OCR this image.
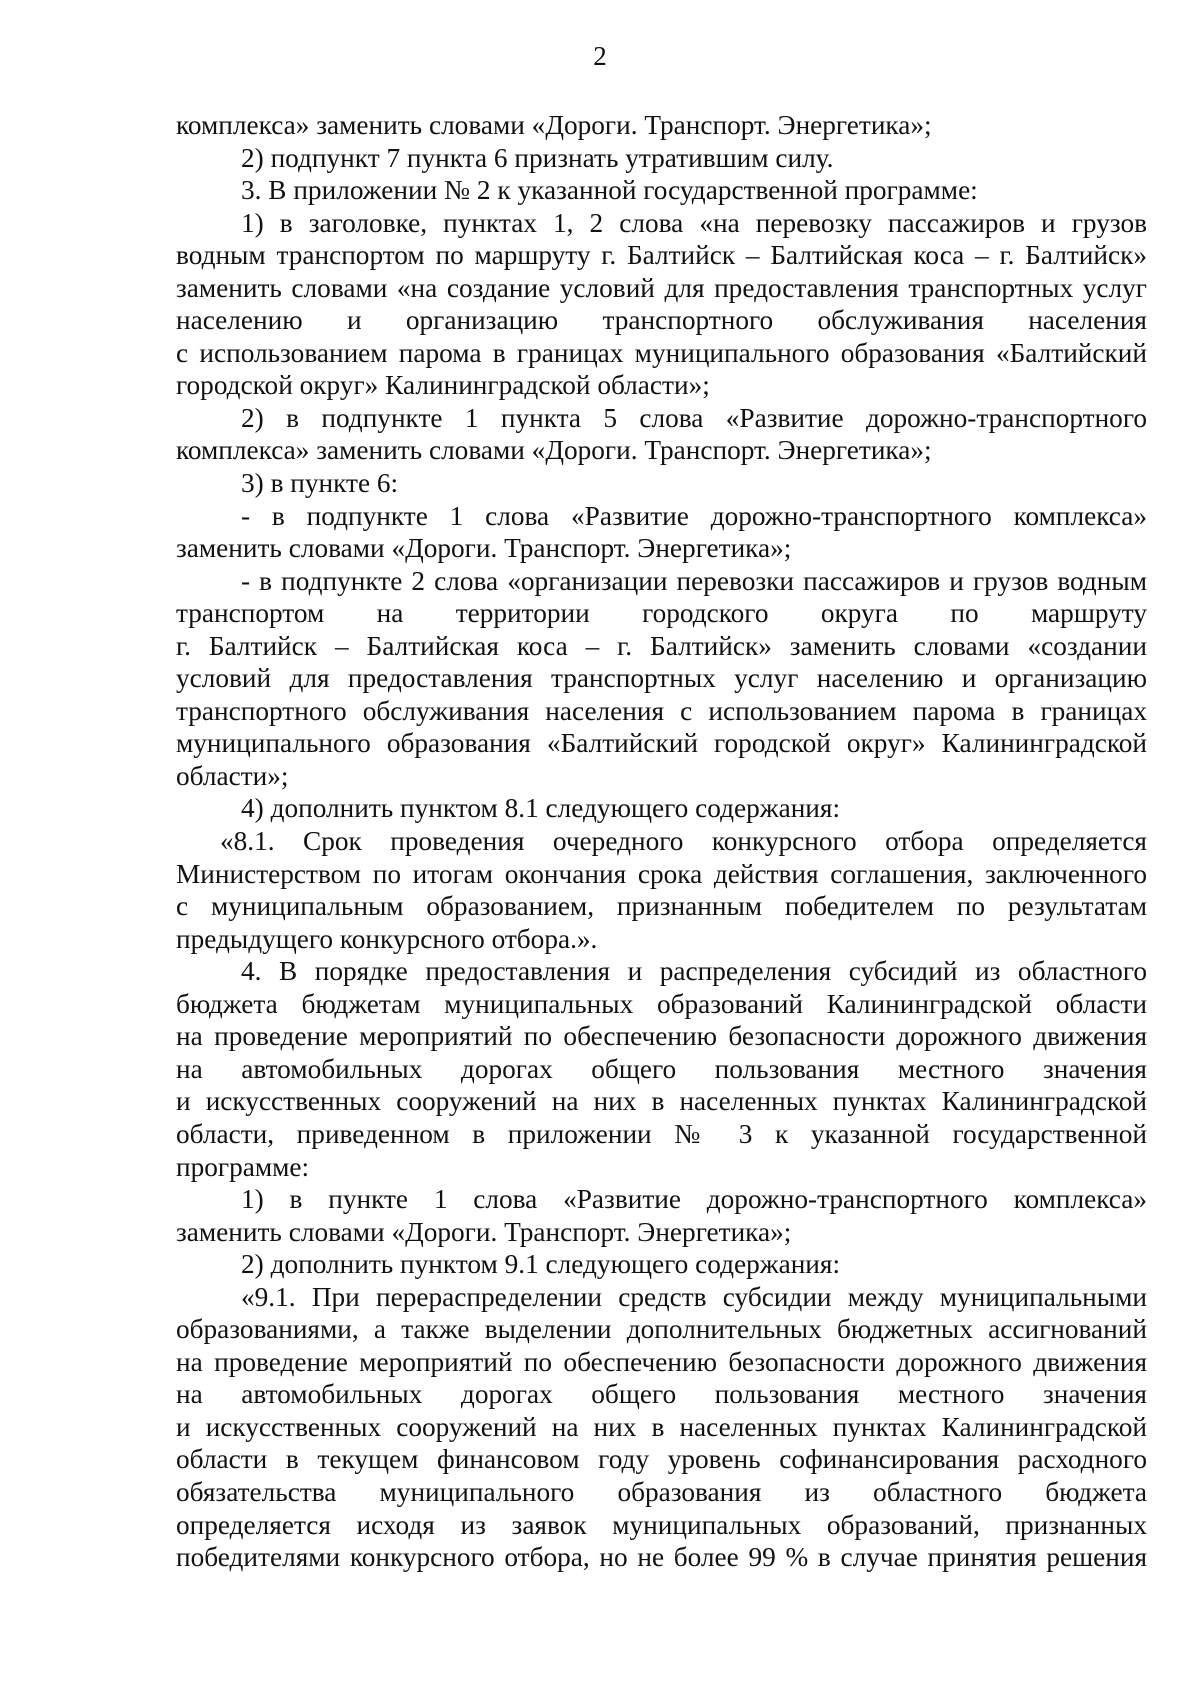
2
комплекса» заменить словами «Дороги. Транспорт. Энергетика»;
2) подпункт 7 пункта 6 признать утратившим силу.
3. В приложении № 2 к указанной государственной программе:
1) в заголовке, пунктах 1, 2 слова «на перевозку пассажиров и грузов
водным транспортом по маршруту г. Балтийск – Балтийская коса – г. Балтийск»
заменить словами «на создание условий для предоставления транспортных услуг
населению и организацию транспортного обслуживания населения
с использованием парома в границах муниципального образования «Балтийский
городской округ» Калининградской области»;
2) в подпункте 1 пункта 5 слова «Развитие дорожно-транспортного
комплекса» заменить словами «Дороги. Транспорт. Энергетика»;
3) в пункте 6:
- в подпункте 1 слова «Развитие дорожно-транспортного комплекса»
заменить словами «Дороги. Транспорт. Энергетика»;
- в подпункте 2 слова «организации перевозки пассажиров и грузов водным
транспортом на территории городского округа по маршруту
г. Балтийск – Балтийская коса – г. Балтийск» заменить словами «создании
условий для предоставления транспортных услуг населению и организацию
транспортного обслуживания населения с использованием парома в границах
муниципального образования «Балтийский городской округ» Калининградской
области»;
4) дополнить пунктом 8.1 следующего содержания:
«8.1. Срок проведения очередного конкурсного отбора определяется
Министерством по итогам окончания срока действия соглашения, заключенного
с муниципальным образованием, признанным победителем по результатам
предыдущего конкурсного отбора.».
4. В порядке предоставления и распределения субсидий из областного
бюджета бюджетам муниципальных образований Калининградской области
на проведение мероприятий по обеспечению безопасности дорожного движения
на автомобильных дорогах общего пользования местного значения
и искусственных сооружений на них в населенных пунктах Калининградской
области, приведенном в приложении № 3 к указанной государственной
программе:
1) в пункте 1 слова «Развитие дорожно-транспортного комплекса»
заменить словами «Дороги. Транспорт. Энергетика»;
2) дополнить пунктом 9.1 следующего содержания:
«9.1. При перераспределении средств субсидии между муниципальными
образованиями, а также выделении дополнительных бюджетных ассигнований
на проведение мероприятий по обеспечению безопасности дорожного движения
на автомобильных дорогах общего пользования местного значения
и искусственных сооружений на них в населенных пунктах Калининградской
области в текущем финансовом году уровень софинансирования расходного
обязательства муниципального образования из областного бюджета
определяется исходя из заявок муниципальных образований, признанных
победителями конкурсного отбора, но не более 99 % в случае принятия решения
